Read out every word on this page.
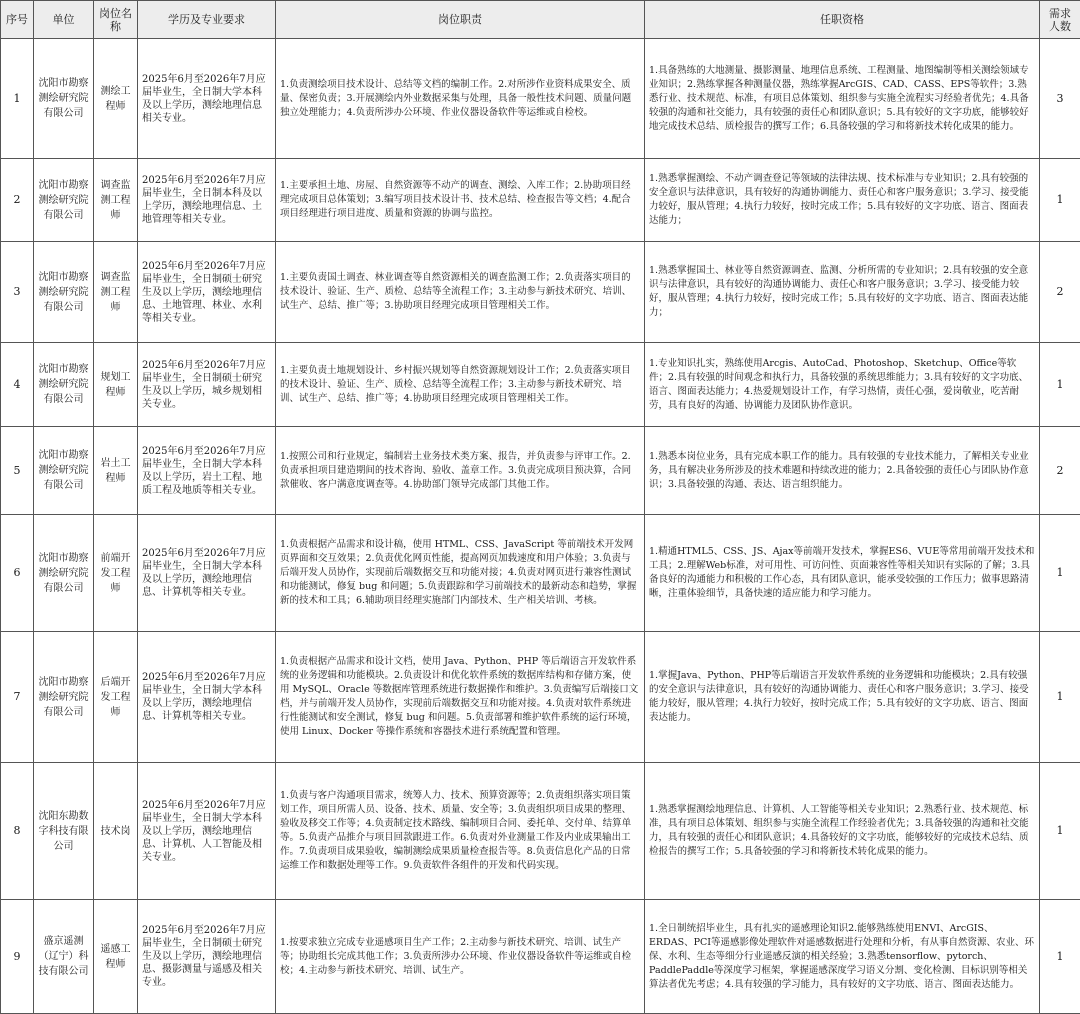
序号	单位	岗位名称	学历及专业要求	岗位职责	任职资格	需求人数
1	沈阳市勘察测绘研究院有限公司	测绘工程师	2025年6月至2026年7月应届毕业生，全日制大学本科及以上学历，测绘地理信息相关专业。	1.负责测绘项目技术设计、总结等文档的编制工作。2.对所涉作业资料成果安全、质量、保密负责；3.开展测绘内外业数据采集与处理，具备一般性技术问题、质量问题独立处理能力；4.负责所涉办公环境、作业仪器设备软件等运维或自检校。	1.具备熟练的大地测量、摄影测量、地理信息系统、工程测量、地图编制等相关测绘领域专业知识；2.熟练掌握各种测量仪器，熟练掌握ArcGIS、CAD、CASS、EPS等软件；3.熟悉行业、技术规范、标准，有项目总体策划、组织参与实施全流程实习经验者优先；4.具备较强的沟通和社交能力，具有较强的责任心和团队意识；5.具有较好的文字功底，能够较好地完成技术总结、质检报告的撰写工作；6.具备较强的学习和将新技术转化成果的能力。	3
2	沈阳市勘察测绘研究院有限公司	调查监测工程师	2025年6月至2026年7月应届毕业生，全日制本科及以上学历，测绘地理信息、土地管理等相关专业。	1.主要承担土地、房屋、自然资源等不动产的调查、测绘、入库工作；2.协助项目经理完成项目总体策划；3.编写项目技术设计书、技术总结、检查报告等文档；4.配合项目经理进行项目进度、质量和资源的协调与监控。	1.熟悉掌握测绘、不动产调查登记等领域的法律法规、技术标准与专业知识；2.具有较强的安全意识与法律意识，具有较好的沟通协调能力、责任心和客户服务意识；3.学习、接受能力较好，服从管理；4.执行力较好，按时完成工作；5.具有较好的文字功底、语言、图面表达能力；	1
3	沈阳市勘察测绘研究院有限公司	调查监测工程师	2025年6月至2026年7月应届毕业生，全日制硕士研究生及以上学历，测绘地理信息、土地管理、林业、水利等相关专业。	1.主要负责国土调查、林业调查等自然资源相关的调查监测工作；2.负责落实项目的技术设计、验证、生产、质检、总结等全流程工作；3.主动参与新技术研究、培训、试生产、总结、推广等；3.协助项目经理完成项目管理相关工作。	1.熟悉掌握国土、林业等自然资源调查、监测、分析所需的专业知识；2.具有较强的安全意识与法律意识，具有较好的沟通协调能力、责任心和客户服务意识；3.学习、接受能力较好，服从管理；4.执行力较好，按时完成工作；5.具有较好的文字功底、语言、图面表达能力；	2
4	沈阳市勘察测绘研究院有限公司	规划工程师	2025年6月至2026年7月应届毕业生，全日制硕士研究生及以上学历，城乡规划相关专业。	1.主要负责土地规划设计、乡村振兴规划等自然资源规划设计工作；2.负责落实项目的技术设计、验证、生产、质检、总结等全流程工作；3.主动参与新技术研究、培训、试生产、总结、推广等；4.协助项目经理完成项目管理相关工作。	1.专业知识扎实，熟练使用Arcgis、AutoCad、Photoshop、Sketchup、Office等软件；2.具有较强的时间观念和执行力，具备较强的系统思维能力；3.具有较好的文字功底、语言、图面表达能力；4.热爱规划设计工作，有学习热情，责任心强，爱岗敬业，吃苦耐劳，具有良好的沟通、协调能力及团队协作意识。	1
5	沈阳市勘察测绘研究院有限公司	岩土工程师	2025年6月至2026年7月应届毕业生，全日制大学本科及以上学历，岩土工程、地质工程及地质等相关专业。	1.按照公司和行业规定，编制岩土业务技术类方案、报告，并负责参与评审工作。2.负责承担项目建造期间的技术咨询、验收、盖章工作。3.负责完成项目预决算，合同款催收、客户满意度调查等。4.协助部门领导完成部门其他工作。	1.熟悉本岗位业务，具有完成本职工作的能力。具有较强的专业技术能力，了解相关专业业务，具有解决业务所涉及的技术难题和持续改进的能力；2.具备较强的责任心与团队协作意识；3.具备较强的沟通、表达、语言组织能力。	2
6	沈阳市勘察测绘研究院有限公司	前端开发工程师	2025年6月至2026年7月应届毕业生，全日制大学本科及以上学历，测绘地理信息、计算机等相关专业。	1.负责根据产品需求和设计稿，使用 HTML、CSS、JavaScript 等前端技术开发网页界面和交互效果；2.负责优化网页性能，提高网页加载速度和用户体验；3.负责与后端开发人员协作，实现前后端数据交互和功能对接；4.负责对网页进行兼容性测试和功能测试，修复 bug 和问题；5.负责跟踪和学习前端技术的最新动态和趋势，掌握新的技术和工具；6.辅助项目经理实施部门内部技术、生产相关培训、考核。	1.精通HTML5、CSS、JS、Ajax等前端开发技术，掌握ES6、VUE等常用前端开发技术和工具；2.理解Web标准，对可用性、可访问性、页面兼容性等相关知识有实际的了解；3.具备良好的沟通能力和积极的工作心态，具有团队意识，能承受较强的工作压力；做事思路清晰，注重体验细节，具备快速的适应能力和学习能力。	1
7	沈阳市勘察测绘研究院有限公司	后端开发工程师	2025年6月至2026年7月应届毕业生，全日制大学本科及以上学历，测绘地理信息、计算机等相关专业。	1.负责根据产品需求和设计文档，使用 Java、Python、PHP 等后端语言开发软件系统的业务逻辑和功能模块。2.负责设计和优化软件系统的数据库结构和存储方案，使用 MySQL、Oracle 等数据库管理系统进行数据操作和维护。3.负责编写后端接口文档，并与前端开发人员协作，实现前后端数据交互和功能对接。4.负责对软件系统进行性能测试和安全测试，修复 bug 和问题。5.负责部署和维护软件系统的运行环境，使用 Linux、Docker 等操作系统和容器技术进行系统配置和管理。	1.掌握Java、Python、PHP等后端语言开发软件系统的业务逻辑和功能模块；2.具有较强的安全意识与法律意识，具有较好的沟通协调能力、责任心和客户服务意识；3.学习、接受能力较好，服从管理；4.执行力较好，按时完成工作；5.具有较好的文字功底、语言、图面表达能力。	1
8	沈阳东勘数字科技有限公司	技术岗	2025年6月至2026年7月应届毕业生，全日制大学本科及以上学历，测绘地理信息、计算机、人工智能及相关专业。	1.负责与客户沟通项目需求，统筹人力、技术、预算资源等；2.负责组织落实项目策划工作，项目所需人员、设备、技术、质量、安全等；3.负责组织项目成果的整理、验收及移交工作等；4.负责制定技术路线、编制项目合同、委托单、交付单、结算单等。5.负责产品推介与项目回款跟进工作。6.负责对外业测量工作及内业成果输出工作。7.负责项目成果验收，编制测绘成果质量检查报告等。8.负责信息化产品的日常运维工作和数据处理等工作。9.负责软件各组件的开发和代码实现。	1.熟悉掌握测绘地理信息、计算机、人工智能等相关专业知识；2.熟悉行业、技术规范、标准，具有项目总体策划、组织参与实施全流程工作经验者优先；3.具备较强的沟通和社交能力，具有较强的责任心和团队意识；4.具备较好的文字功底，能够较好的完成技术总结、质检报告的撰写工作；5.具备较强的学习和将新技术转化成果的能力。	1
9	盛京遥测（辽宁）科技有限公司	遥感工程师	2025年6月至2026年7月应届毕业生，全日制硕士研究生及以上学历，测绘地理信息、摄影测量与遥感及相关专业。	1.按要求独立完成专业遥感项目生产工作；2.主动参与新技术研究、培训、试生产等；协助组长完成其他工作；3.负责所涉办公环境、作业仪器设备软件等运维或自检校；4.主动参与新技术研究、培训、试生产。	1.全日制统招毕业生，具有扎实的遥感理论知识2.能够熟练使用ENVI、ArcGIS、ERDAS、PCI等遥感影像处理软件对遥感数据进行处理和分析，有从事自然资源、农业、环保、水利、生态等细分行业遥感反演的相关经验；3.熟悉tensorflow、pytorch、PaddlePaddle等深度学习框架，掌握遥感深度学习语义分割、变化检测、目标识别等相关算法者优先考虑；4.具有较强的学习能力，具有较好的文字功底、语言、图面表达能力。	1
